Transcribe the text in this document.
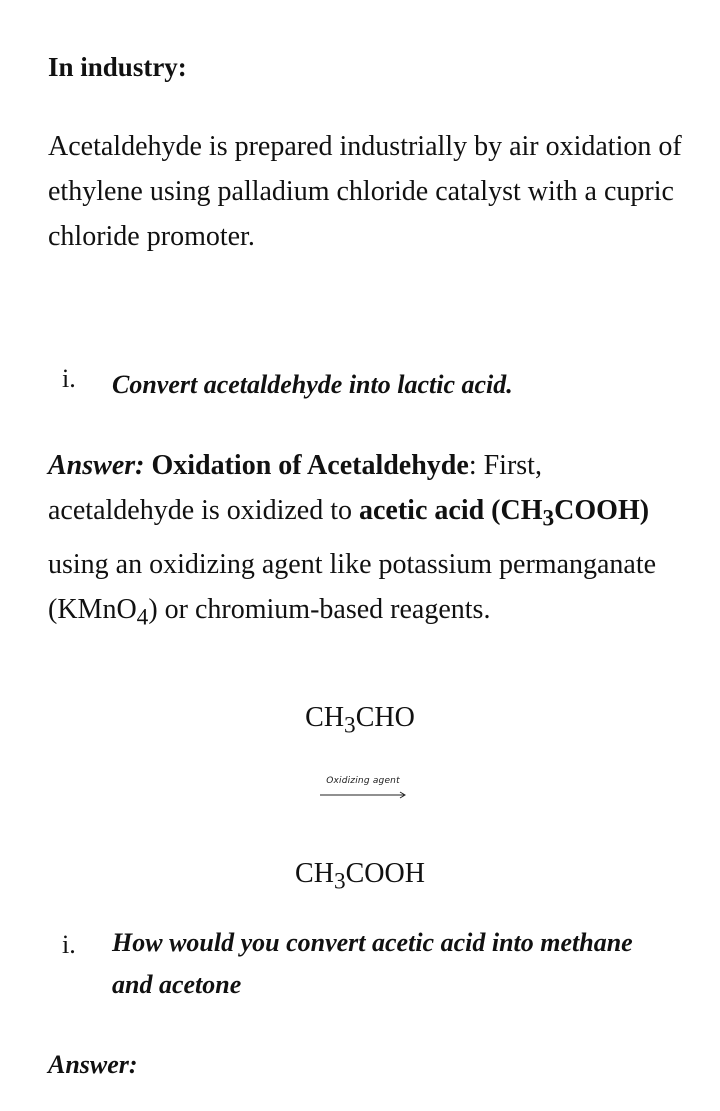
In industry:

Acetaldehyde is prepared industrially by air oxidation of ethylene using palladium chloride catalyst with a cupric chloride promoter.

i. Convert acetaldehyde into lactic acid.

Answer: Oxidation of Acetaldehyde: First, acetaldehyde is oxidized to acetic acid $(CH_3COOH)$ using an oxidizing agent like potassium permanganate (KMnO$_4$) or chromium-based reagents.

$CH_3CHO$
Oxidizing agent
$CH_3COOH$
i. How would you convert acetic acid into methane and acetone
Answer:
